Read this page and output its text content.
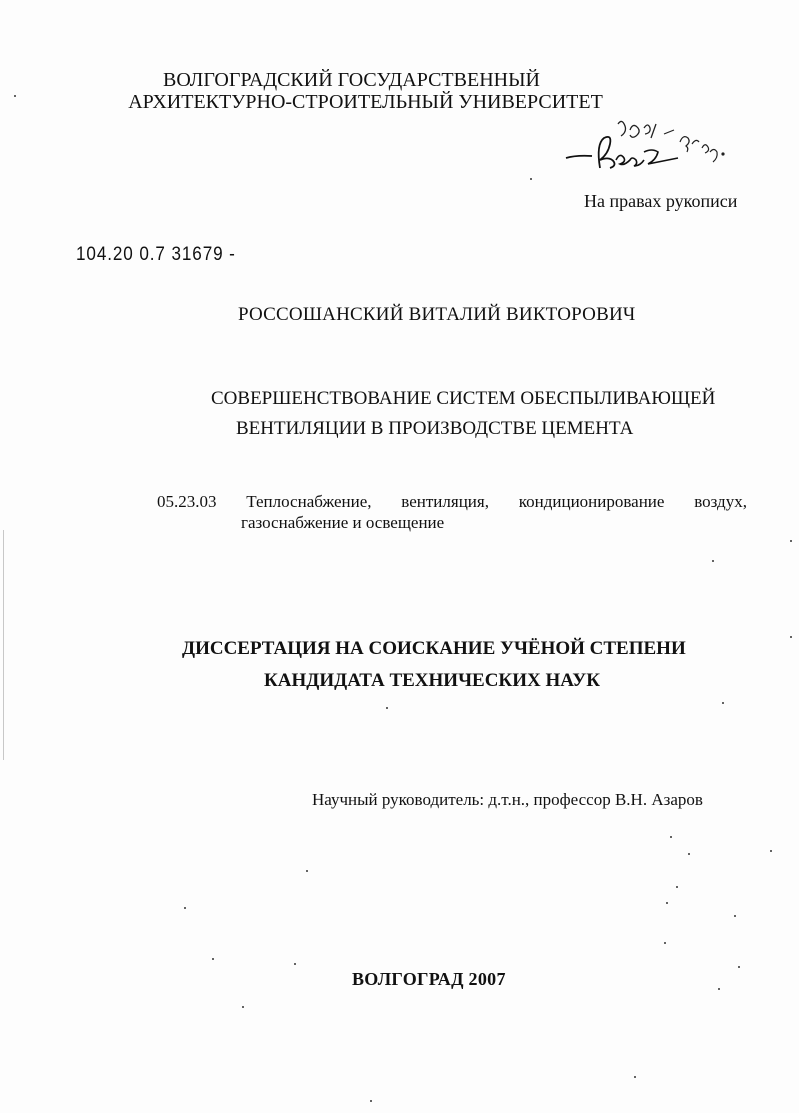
ВОЛГОГРАДСКИЙ ГОСУДАРСТВЕННЫЙ
АРХИТЕКТУРНО-СТРОИТЕЛЬНЫЙ УНИВЕРСИТЕТ
На правах рукописи
104.20 0.7 31679 -
РОССОШАНСКИЙ ВИТАЛИЙ ВИКТОРОВИЧ
СОВЕРШЕНСТВОВАНИЕ СИСТЕМ ОБЕСПЫЛИВАЮЩЕЙ
ВЕНТИЛЯЦИИ В ПРОИЗВОДСТВЕ ЦЕМЕНТА
05.23.03 Теплоснабжение, вентиляция, кондиционирование воздух,
газоснабжение и освещение
ДИССЕРТАЦИЯ НА СОИСКАНИЕ УЧЁНОЙ СТЕПЕНИ
КАНДИДАТА ТЕХНИЧЕСКИХ НАУК
Научный руководитель: д.т.н., профессор В.Н. Азаров
ВОЛГОГРАД 2007
